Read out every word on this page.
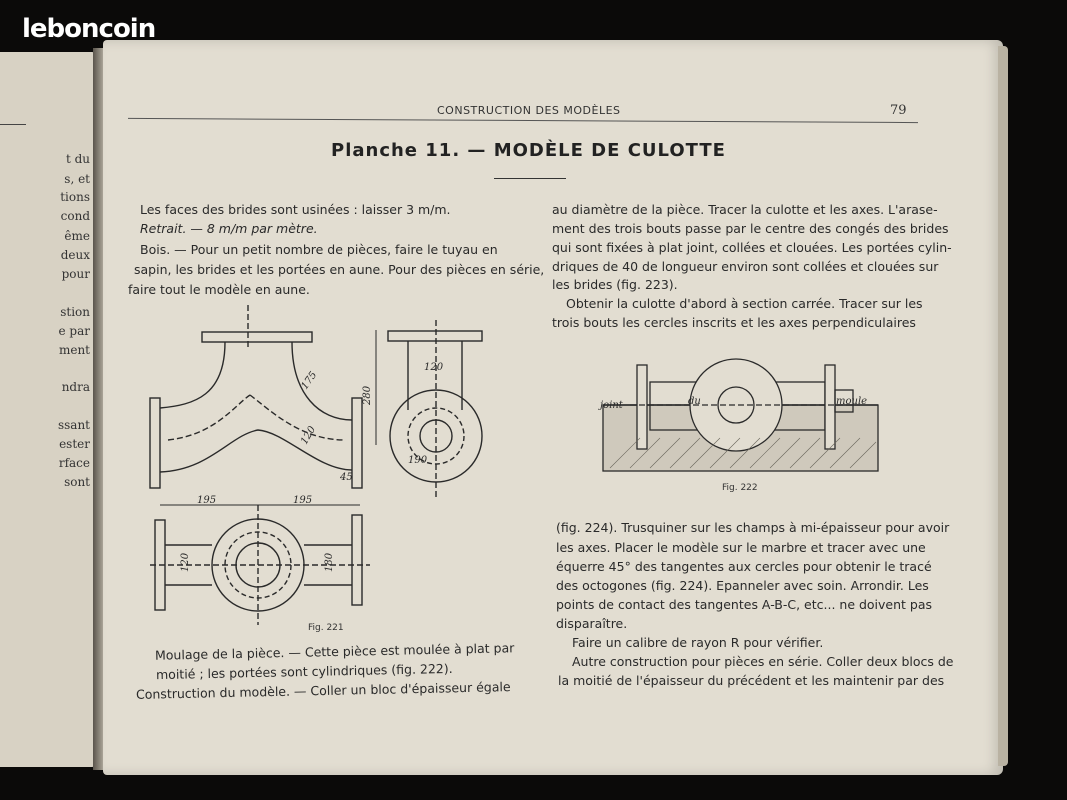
t du
s, et
tions
cond
ême
deux
pour
stion
e par
ment
ndra
ssant
ester
rface
sont
leboncoin
CONSTRUCTION DES MODÈLES	79
Planche 11. — MODÈLE DE CULOTTE
Les faces des brides sont usinées : laisser 3 m/m.
Retrait. — 8 m/m par mètre.
Bois. — Pour un petit nombre de pièces, faire le tuyau en
sapin, les brides et les portées en aune. Pour des pièces en série,
faire tout le modèle en aune.
Moulage de la pièce. — Cette pièce est moulée à plat par
moitié ; les portées sont cylindriques (fig. 222).
Construction du modèle. — Coller un bloc d'épaisseur égale
au diamètre de la pièce. Tracer la culotte et les axes. L'arase-
ment des trois bouts passe par le centre des congés des brides
qui sont fixées à plat joint, collées et clouées. Les portées cylin-
driques de 40 de longueur environ sont collées et clouées sur
les brides (fig. 223).
Obtenir la culotte d'abord à section carrée. Tracer sur les
trois bouts les cercles inscrits et les axes perpendiculaires
(fig. 224). Trusquiner sur les champs à mi-épaisseur pour avoir
les axes. Placer le modèle sur le marbre et tracer avec une
équerre 45° des tangentes aux cercles pour obtenir le tracé
des octogones (fig. 224). Epanneler avec soin. Arrondir. Les
points de contact des tangentes A-B-C, etc... ne doivent pas
disparaître.
Faire un calibre de rayon R pour vérifier.
Autre construction pour pièces en série. Coller deux blocs de
la moitié de l'épaisseur du précédent et les maintenir par des
175
120
280
120
195	195
120	180
190
45
joint	du	moule
Fig. 221
Fig. 222
